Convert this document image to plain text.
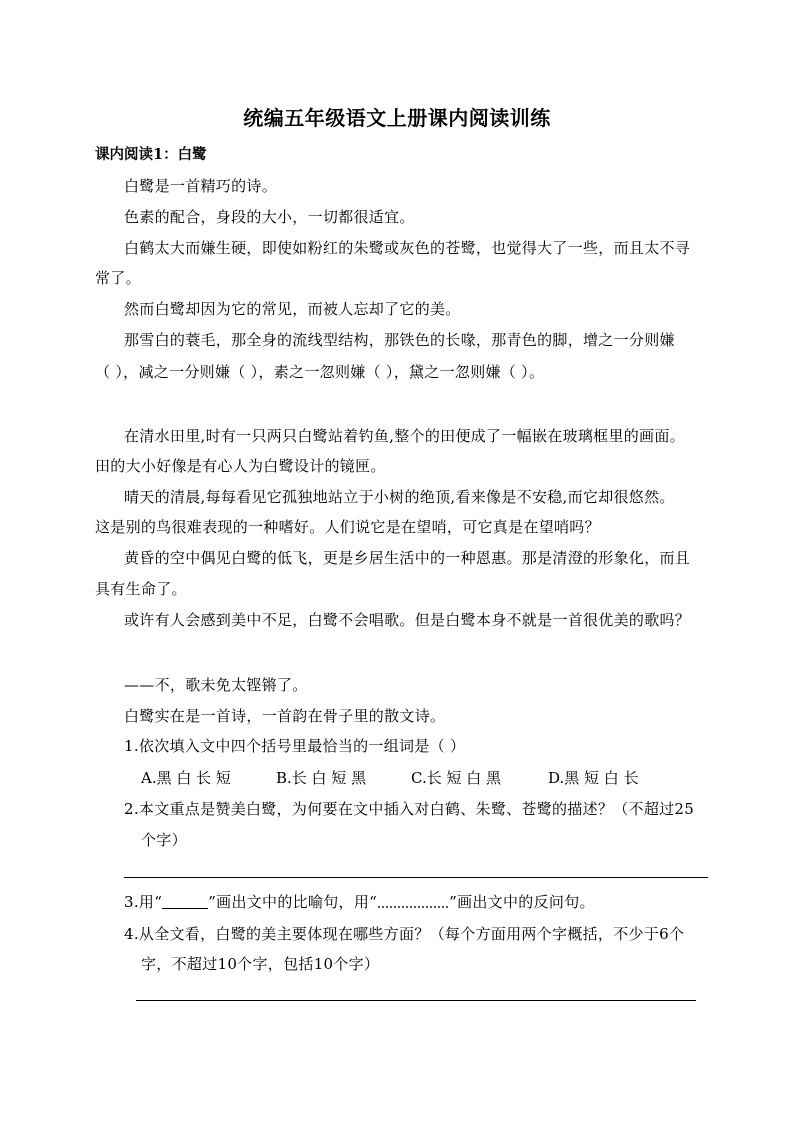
统编五年级语文上册课内阅读训练
课内阅读1：白鹭
白鹭是一首精巧的诗。
色素的配合，身段的大小，一切都很适宜。
白鹤太大而嫌生硬，即使如粉红的朱鹭或灰色的苍鹭，也觉得大了一些，而且太不寻
常了。
然而白鹭却因为它的常见，而被人忘却了它的美。
那雪白的蓑毛，那全身的流线型结构，那铁色的长喙，那青色的脚，增之一分则嫌
（ ），减之一分则嫌（ ），素之一忽则嫌（ ），黛之一忽则嫌（ ）。
在清水田里,时有一只两只白鹭站着钓鱼,整个的田便成了一幅嵌在玻璃框里的画面。
田的大小好像是有心人为白鹭设计的镜匣。
晴天的清晨,每每看见它孤独地站立于小树的绝顶,看来像是不安稳,而它却很悠然。
这是别的鸟很难表现的一种嗜好。人们说它是在望哨，可它真是在望哨吗？
黄昏的空中偶见白鹭的低飞，更是乡居生活中的一种恩惠。那是清澄的形象化，而且
具有生命了。
或许有人会感到美中不足，白鹭不会唱歌。但是白鹭本身不就是一首很优美的歌吗？
——不，歌未免太铿锵了。
白鹭实在是一首诗，一首韵在骨子里的散文诗。
1.依次填入文中四个括号里最恰当的一组词是（ ）
A.黑 白 长 短	B.长 白 短 黑	C.长 短 白 黑	D.黑 短 白 长
2.本文重点是赞美白鹭，为何要在文中插入对白鹤、朱鹭、苍鹭的描述？（不超过25
个字）
3.用“	”画出文中的比喻句，用“	”画出文中的反问句。
4.从全文看，白鹭的美主要体现在哪些方面？（每个方面用两个字概括，不少于6个
字，不超过10个字，包括10个字）
